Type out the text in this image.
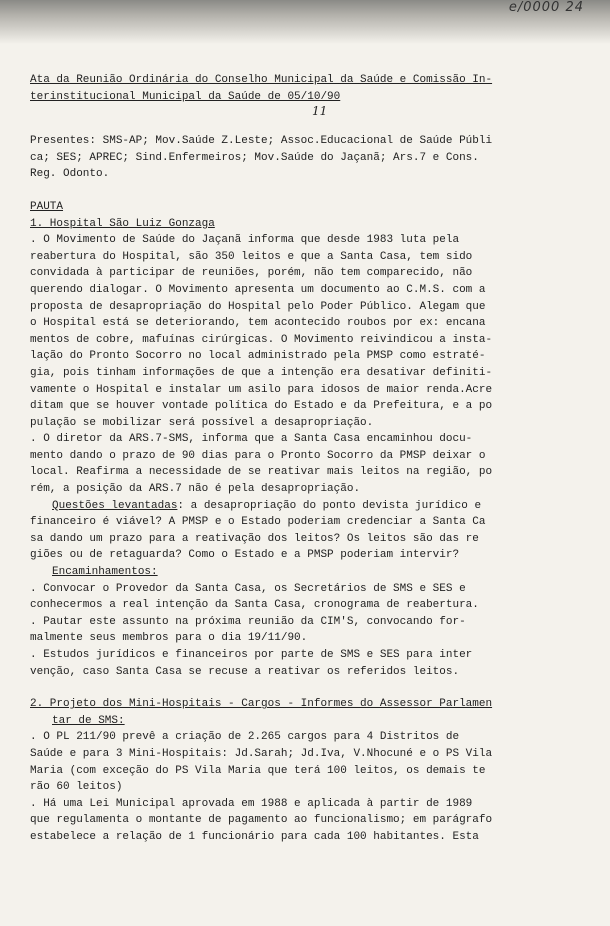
e/0000 24
Ata da Reunião Ordinária do Conselho Municipal da Saúde e Comissão In-
terinstitucional Municipal da Saúde de 05/10/90
11
Presentes: SMS-AP; Mov.Saúde Z.Leste; Assoc.Educacional de Saúde Públi
ca; SES; APREC; Sind.Enfermeiros; Mov.Saúde do Jaçanã; Ars.7 e Cons.
Reg. Odonto.
PAUTA
1. Hospital São Luiz Gonzaga
. O Movimento de Saúde do Jaçanã informa que desde 1983 luta pela
reabertura do Hospital, são 350 leitos e que a Santa Casa, tem sido
convidada à participar de reuniões, porém, não tem comparecido, não
querendo dialogar. O Movimento apresenta um documento ao C.M.S. com a
proposta de desapropriação do Hospital pelo Poder Público. Alegam que
o Hospital está se deteriorando, tem acontecido roubos por ex: encana
mentos de cobre, mafuínas cirúrgicas. O Movimento reivindicou a insta-
lação do Pronto Socorro no local administrado pela PMSP como estraté-
gia, pois tinham informações de que a intenção era desativar definiti-
vamente o Hospital e instalar um asilo para idosos de maior renda.Acre
ditam que se houver vontade política do Estado e da Prefeitura, e a po
pulação se mobilizar será possível a desapropriação.
. O diretor da ARS.7-SMS, informa que a Santa Casa encaminhou docu-
mento dando o prazo de 90 dias para o Pronto Socorro da PMSP deixar o
local. Reafirma a necessidade de se reativar mais leitos na região, po
rém, a posição da ARS.7 não é pela desapropriação.
Questões levantadas: a desapropriação do ponto devista jurídico e
financeiro é viável? A PMSP e o Estado poderiam credenciar a Santa Ca
sa dando um prazo para a reativação dos leitos? Os leitos são das re
giões ou de retaguarda? Como o Estado e a PMSP poderiam intervir?
Encaminhamentos:
. Convocar o Provedor da Santa Casa, os Secretários de SMS e SES e
conhecermos a real intenção da Santa Casa, cronograma de reabertura.
. Pautar este assunto na próxima reunião da CIM'S, convocando for-
malmente seus membros para o dia 19/11/90.
. Estudos jurídicos e financeiros por parte de SMS e SES para inter
venção, caso Santa Casa se recuse a reativar os referidos leitos.
2. Projeto dos Mini-Hospitais - Cargos - Informes do Assessor Parlamen
tar de SMS:
. O PL 211/90 prevê a criação de 2.265 cargos para 4 Distritos de
Saúde e para 3 Mini-Hospitais: Jd.Sarah; Jd.Iva, V.Nhocuné e o PS Vila
Maria (com exceção do PS Vila Maria que terá 100 leitos, os demais te
rão 60 leitos)
. Há uma Lei Municipal aprovada em 1988 e aplicada à partir de 1989
que regulamenta o montante de pagamento ao funcionalismo; em parágrafo
estabelece a relação de 1 funcionário para cada 100 habitantes. Esta
